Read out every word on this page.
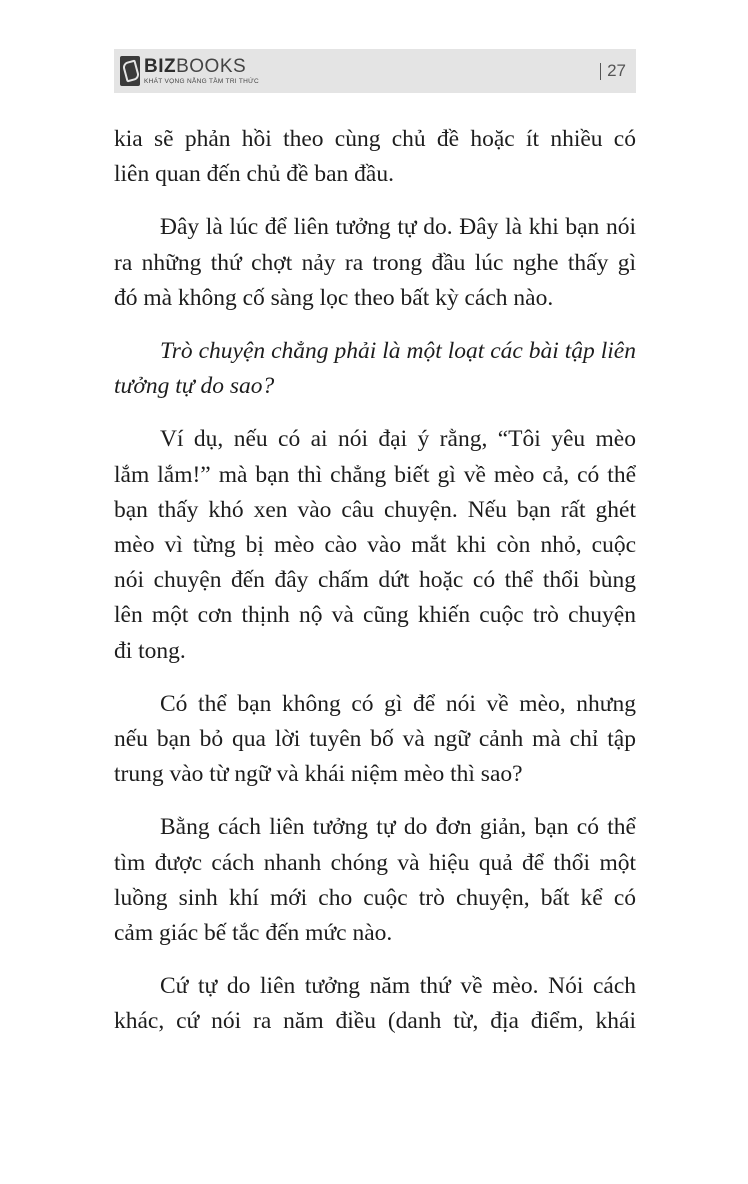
BIZBOOKS
KHÁT VỌNG NẰNG TẦM TRI THỨC
27
kia sẽ phản hồi theo cùng chủ đề hoặc ít nhiều có
liên quan đến chủ đề ban đầu.
Đây là lúc để liên tưởng tự do. Đây là khi bạn nói
ra những thứ chợt nảy ra trong đầu lúc nghe thấy gì
đó mà không cố sàng lọc theo bất kỳ cách nào.
Trò chuyện chẳng phải là một loạt các bài tập liên
tưởng tự do sao?
Ví dụ, nếu có ai nói đại ý rằng, “Tôi yêu mèo
lắm lắm!” mà bạn thì chẳng biết gì về mèo cả, có thể
bạn thấy khó xen vào câu chuyện. Nếu bạn rất ghét
mèo vì từng bị mèo cào vào mắt khi còn nhỏ, cuộc
nói chuyện đến đây chấm dứt hoặc có thể thổi bùng
lên một cơn thịnh nộ và cũng khiến cuộc trò chuyện
đi tong.
Có thể bạn không có gì để nói về mèo, nhưng
nếu bạn bỏ qua lời tuyên bố và ngữ cảnh mà chỉ tập
trung vào từ ngữ và khái niệm mèo thì sao?
Bằng cách liên tưởng tự do đơn giản, bạn có thể
tìm được cách nhanh chóng và hiệu quả để thổi một
luồng sinh khí mới cho cuộc trò chuyện, bất kể có
cảm giác bế tắc đến mức nào.
Cứ tự do liên tưởng năm thứ về mèo. Nói cách
khác, cứ nói ra năm điều (danh từ, địa điểm, khái
